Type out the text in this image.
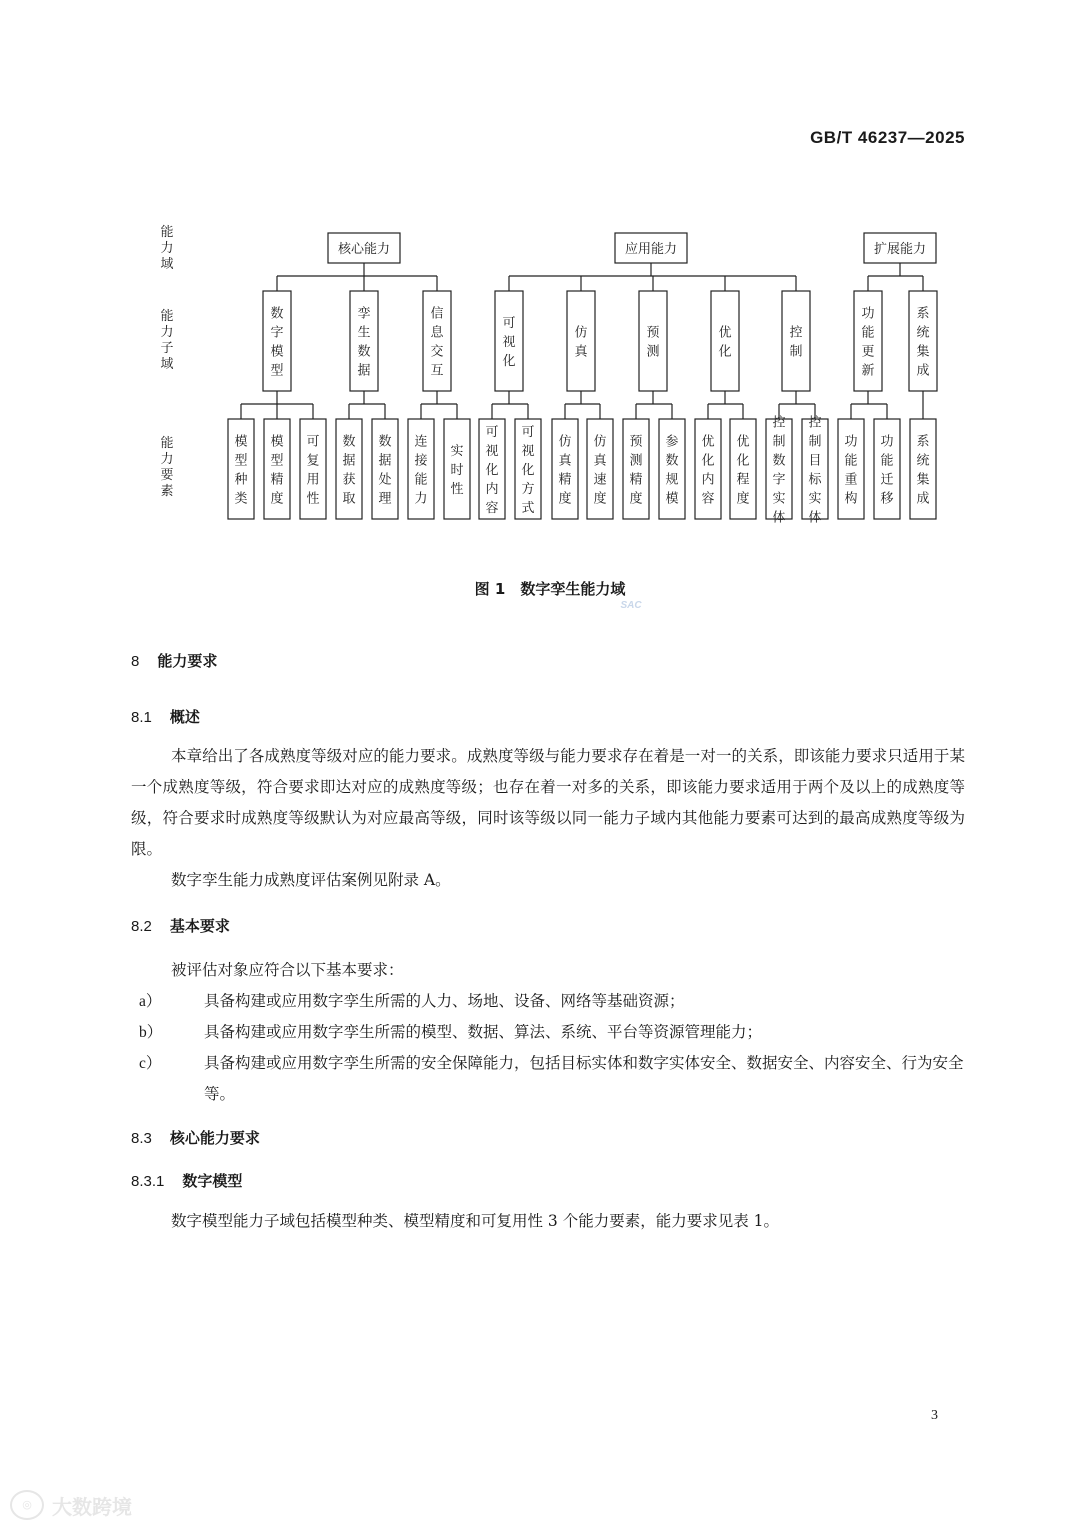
GB/T 46237—2025
能力域
能力子域
能力要素
核心能力	应用能力	扩展能力
数字模型
孪生数据
信息交互
可视化
仿真
预测
优化
控制
功能更新
系统集成
模型种类
模型精度
可复用性
数据获取
数据处理
连接能力
实时性
可视化内容
可视化方式
仿真精度
仿真速度
预测精度
参数规模
优化内容
优化程度
控制数字实体
控制目标实体
功能重构
功能迁移
系统集成
图 1　数字孪生能力域
SAC
8 能力要求
8.1 概述
本章给出了各成熟度等级对应的能力要求。成熟度等级与能力要求存在着是一对一的关系，即该能力要求只适用于某一个成熟度等级，符合要求即达对应的成熟度等级；也存在着一对多的关系，即该能力要求适用于两个及以上的成熟度等级，符合要求时成熟度等级默认为对应最高等级，同时该等级以同一能力子域内其他能力要素可达到的最高成熟度等级为限。
数字孪生能力成熟度评估案例见附录 A。
8.2 基本要求
被评估对象应符合以下基本要求：
a）	具备构建或应用数字孪生所需的人力、场地、设备、网络等基础资源；
b）	具备构建或应用数字孪生所需的模型、数据、算法、系统、平台等资源管理能力；
c）	具备构建或应用数字孪生所需的安全保障能力，包括目标实体和数字实体安全、数据安全、内容安全、行为安全等。
8.3 核心能力要求
8.3.1 数字模型
数字模型能力子域包括模型种类、模型精度和可复用性 3 个能力要素，能力要求见表 1。
3
◎	大数跨境
